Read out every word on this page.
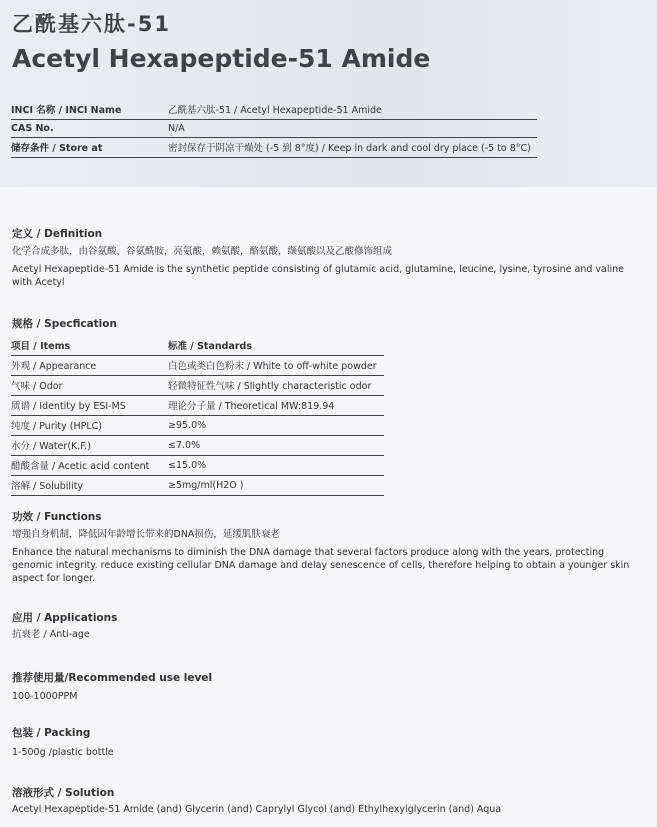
乙酰基六肽-51
Acetyl Hexapeptide-51 Amide
INCI 名称 / INCI Name	乙酰基六肽-51 / Acetyl Hexapeptide-51 Amide
CAS No.	N/A
储存条件 / Store at	密封保存于阴凉干燥处 (-5 到 8°度) / Keep in dark and cool dry place (-5 to 8°C)
定义 / Definition
化学合成多肽，由谷氨酸，谷氨酰胺，亮氨酸，赖氨酸，酪氨酸，缬氨酸以及乙酸修饰组成
Acetyl Hexapeptide-51 Amide is the synthetic peptide consisting of glutamic acid, glutamine, leucine, lysine, tyrosine and valine with Acetyl
规格 / Specfication
项目 / Items	标准 / Standards
外观 / Appearance	白色或类白色粉末 / White to off-white powder
气味 / Odor	轻微特征性气味 / Slightly characteristic odor
质谱 / Identity by ESI-MS	理论分子量 / Theoretical MW:819.94
纯度 / Purity (HPLC)	≥95.0%
水分 / Water(K.F.)	≤7.0%
醋酸含量 / Acetic acid content	≤15.0%
溶解 / Solubility	≥5mg/ml(H2O )
功效 / Functions
增强自身机制，降低因年龄增长带来的DNA损伤，延缓肌肤衰老
Enhance the natural mechanisms to diminish the DNA damage that several factors produce along with the years, protecting genomic integrity. reduce existing cellular DNA damage and delay senescence of cells, therefore helping to obtain a younger skin aspect for longer.
应用 / Applications
抗衰老 / Anti-age
推荐使用量/Recommended use level
100-1000PPM
包装 / Packing
1-500g /plastic bottle
溶液形式 / Solution
Acetyl Hexapeptide-51 Amide (and) Glycerin (and) Caprylyl Glycol (and) Ethylhexylglycerin (and) Aqua
